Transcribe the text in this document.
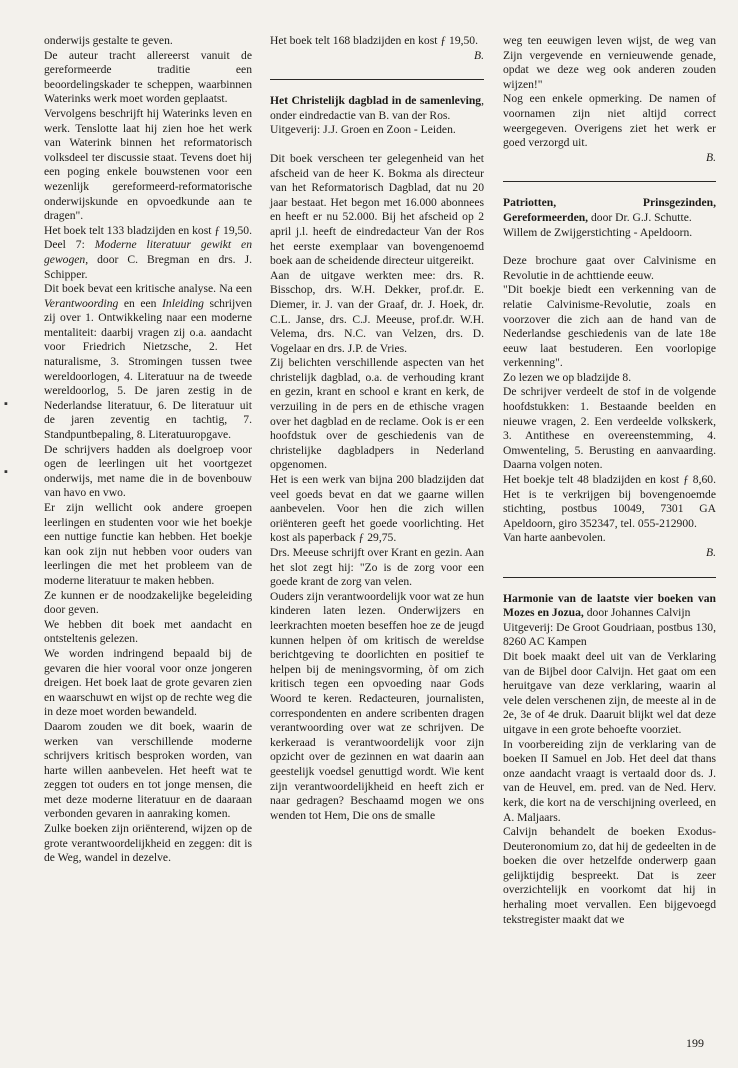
onderwijs gestalte te geven.

De auteur tracht allereerst vanuit de gereformeerde traditie een beoordelingskader te scheppen, waarbinnen Waterinks werk moet worden geplaatst.

Vervolgens beschrijft hij Waterinks leven en werk. Tenslotte laat hij zien hoe het werk van Waterink binnen het reformatorisch volksdeel ter discussie staat. Tevens doet hij een poging enkele bouwstenen voor een wezenlijk gereformeerd-reformatorische onderwijskunde en opvoedkunde aan te dragen".

Het boek telt 133 bladzijden en kost ƒ 19,50.

Deel 7: Moderne literatuur gewikt en gewogen, door C. Bregman en drs. J. Schipper.

Dit boek bevat een kritische analyse. Na een Verantwoording en een Inleiding schrijven zij over 1. Ontwikkeling naar een moderne mentaliteit: daarbij vragen zij o.a. aandacht voor Friedrich Nietzsche, 2. Het naturalisme, 3. Stromingen tussen twee wereldoorlogen, 4. Literatuur na de tweede wereldoorlog, 5. De jaren zestig in de Nederlandse literatuur, 6. De literatuur uit de jaren zeventig en tachtig, 7. Standpuntbepaling, 8. Literatuuropgave.

De schrijvers hadden als doelgroep voor ogen de leerlingen uit het voortgezet onderwijs, met name die in de bovenbouw van havo en vwo.

Er zijn wellicht ook andere groepen leerlingen en studenten voor wie het boekje een nuttige functie kan hebben. Het boekje kan ook zijn nut hebben voor ouders van leerlingen die met het probleem van de moderne literatuur te maken hebben.

Ze kunnen er de noodzakelijke begeleiding door geven.

We hebben dit boek met aandacht en ontsteltenis gelezen.

We worden indringend bepaald bij de gevaren die hier vooral voor onze jongeren dreigen. Het boek laat de grote gevaren zien en waarschuwt en wijst op de rechte weg die in deze moet worden bewandeld.

Daarom zouden we dit boek, waarin de werken van verschillende moderne schrijvers kritisch besproken worden, van harte willen aanbevelen. Het heeft wat te zeggen tot ouders en tot jonge mensen, die met deze moderne literatuur en de daaraan verbonden gevaren in aanraking komen.

Zulke boeken zijn oriënterend, wijzen op de grote verantwoordelijkheid en zeggen: dit is de Weg, wandel in dezelve.

Het boek telt 168 bladzijden en kost ƒ 19,50.

B.

Het Christelijk dagblad in de samenleving, onder eindredactie van B. van der Ros.

Uitgeverij: J.J. Groen en Zoon - Leiden.

Dit boek verscheen ter gelegenheid van het afscheid van de heer K. Bokma als directeur van het Reformatorisch Dagblad, dat nu 20 jaar bestaat. Het begon met 16.000 abonnees en heeft er nu 52.000. Bij het afscheid op 2 april j.l. heeft de eindredacteur Van der Ros het eerste exemplaar van bovengenoemd boek aan de scheidende directeur uitgereikt.

Aan de uitgave werkten mee: drs. R. Bisschop, drs. W.H. Dekker, prof.dr. E. Diemer, ir. J. van der Graaf, dr. J. Hoek, dr. C.L. Janse, drs. C.J. Meeuse, prof.dr. W.H. Velema, drs. N.C. van Velzen, drs. D. Vogelaar en drs. J.P. de Vries.

Zij belichten verschillende aspecten van het christelijk dagblad, o.a. de verhouding krant en gezin, krant en school e krant en kerk, de verzuiling in de pers en de ethische vragen over het dagblad en de reclame. Ook is er een hoofdstuk over de geschiedenis van de christelijke dagbladpers in Nederland opgenomen.

Het is een werk van bijna 200 bladzijden dat veel goeds bevat en dat we gaarne willen aanbevelen. Voor hen die zich willen oriënteren geeft het goede voorlichting. Het kost als paperback ƒ 29,75.

Drs. Meeuse schrijft over Krant en gezin. Aan het slot zegt hij: "Zo is de zorg voor een goede krant de zorg van velen.

Ouders zijn verantwoordelijk voor wat ze hun kinderen laten lezen. Onderwijzers en leerkrachten moeten beseffen hoe ze de jeugd kunnen helpen òf om kritisch de wereldse berichtgeving te doorlichten en positief te helpen bij de meningsvorming, òf om zich kritisch tegen een opvoeding naar Gods Woord te keren. Redacteuren, journalisten, correspondenten en andere scribenten dragen verantwoording over wat ze schrijven. De kerkeraad is verantwoordelijk voor zijn opzicht over de gezinnen en wat daarin aan geestelijk voedsel genuttigd wordt. Wie kent zijn verantwoordelijkheid en heeft zich er naar gedragen? Beschaamd mogen we ons wenden tot Hem, Die ons de smalle

weg ten eeuwigen leven wijst, de weg van Zijn vergevende en vernieuwende genade, opdat we deze weg ook anderen zouden wijzen!"

Nog een enkele opmerking. De namen of voornamen zijn niet altijd correct weergegeven. Overigens ziet het werk er goed verzorgd uit.

B.

Patriotten, Prinsgezinden, Gereformeerden, door Dr. G.J. Schutte.

Willem de Zwijgerstichting - Apeldoorn.

Deze brochure gaat over Calvinisme en Revolutie in de achttiende eeuw.

"Dit boekje biedt een verkenning van de relatie Calvinisme-Revolutie, zoals en voorzover die zich aan de hand van de Nederlandse geschiedenis van de late 18e eeuw laat bestuderen. Een voorlopige verkenning".

Zo lezen we op bladzijde 8.

De schrijver verdeelt de stof in de volgende hoofdstukken: 1. Bestaande beelden en nieuwe vragen, 2. Een verdeelde volkskerk, 3. Antithese en overeenstemming, 4. Omwenteling, 5. Berusting en aanvaarding. Daarna volgen noten.

Het boekje telt 48 bladzijden en kost ƒ 8,60. Het is te verkrijgen bij bovengenoemde stichting, postbus 10049, 7301 GA Apeldoorn, giro 352347, tel. 055-212900.

Van harte aanbevolen.

B.

Harmonie van de laatste vier boeken van Mozes en Jozua, door Johannes Calvijn

Uitgeverij: De Groot Goudriaan, postbus 130, 8260 AC Kampen

Dit boek maakt deel uit van de Verklaring van de Bijbel door Calvijn. Het gaat om een heruitgave van deze verklaring, waarin al vele delen verschenen zijn, de meeste al in de 2e, 3e of 4e druk. Daaruit blijkt wel dat deze uitgave in een grote behoefte voorziet.

In voorbereiding zijn de verklaring van de boeken II Samuel en Job. Het deel dat thans onze aandacht vraagt is vertaald door ds. J. van de Heuvel, em. pred. van de Ned. Herv. kerk, die kort na de verschijning overleed, en A. Maljaars.

Calvijn behandelt de boeken Exodus-Deuteronomium zo, dat hij de gedeelten in de boeken die over hetzelfde onderwerp gaan gelijktijdig bespreekt. Dat is zeer overzichtelijk en voorkomt dat hij in herhaling moet vervallen. Een bijgevoegd tekstregister maakt dat we

▪
▪
199
